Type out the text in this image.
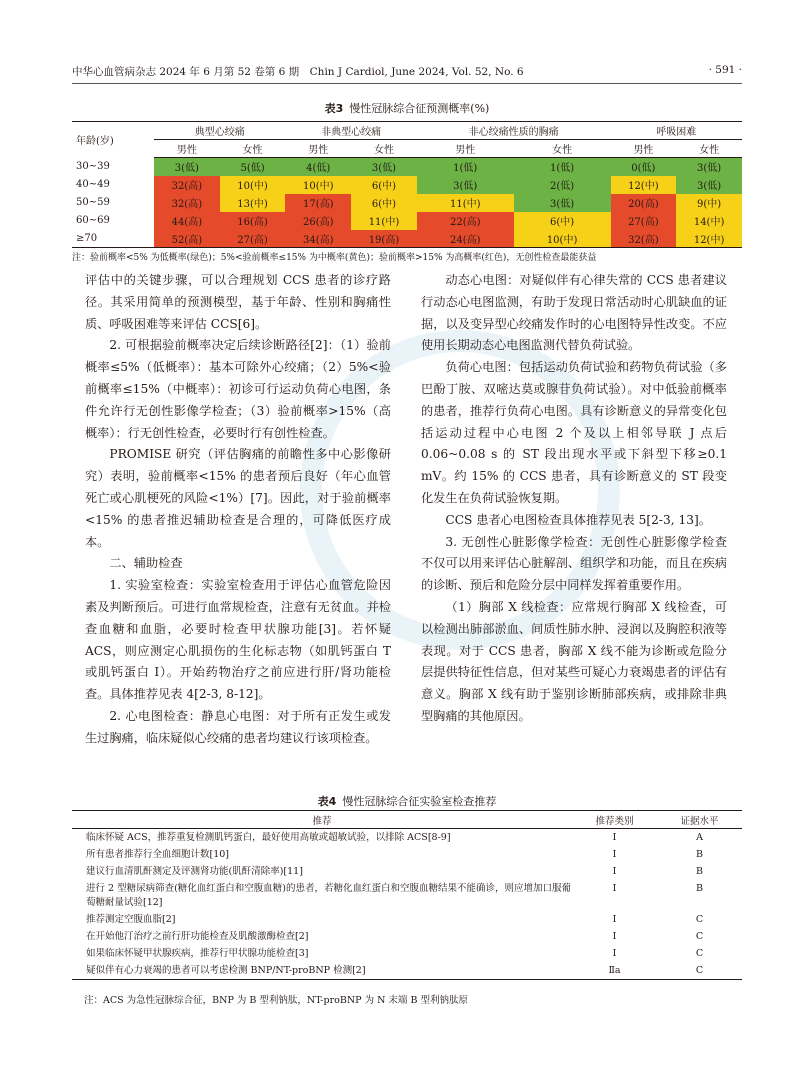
中华心血管病杂志 2024 年 6 月第 52 卷第 6 期　Chin J Cardiol, June 2024, Vol. 52, No. 6	· 591 ·
表3 慢性冠脉综合征预测概率(%)
年龄(岁)	典型心绞痛		非典型心绞痛		非心绞痛性质的胸痛		呼吸困难	
	男性	女性	男性	女性	男性	女性	男性	女性
30~39	3(低)	5(低)	4(低)	3(低)	1(低)	1(低)	0(低)	3(低)
40~49	32(高)	10(中)	10(中)	6(中)	3(低)	2(低)	12(中)	3(低)
50~59	32(高)	13(中)	17(高)	6(中)	11(中)	3(低)	20(高)	9(中)
60~69	44(高)	16(高)	26(高)	11(中)	22(高)	6(中)	27(高)	14(中)
≥70	52(高)	27(高)	34(高)	19(高)	24(高)	10(中)	32(高)	12(中)
注：验前概率<5% 为低概率(绿色)；5%<验前概率≤15% 为中概率(黄色)；验前概率>15% 为高概率(红色)，无创性检查最能获益

评估中的关键步骤，可以合理规划 CCS 患者的诊疗路径。其采用简单的预测模型，基于年龄、性别和胸痛性质、呼吸困难等来评估 CCS[6]。

2. 可根据验前概率决定后续诊断路径[2]：（1）验前概率≤5%（低概率）：基本可除外心绞痛；（2）5%<验前概率≤15%（中概率）：初诊可行运动负荷心电图，条件允许行无创性影像学检查；（3）验前概率>15%（高概率）：行无创性检查，必要时行有创性检查。

PROMISE 研究（评估胸痛的前瞻性多中心影像研究）表明，验前概率<15% 的患者预后良好（年心血管死亡或心肌梗死的风险<1%）[7]。因此，对于验前概率<15% 的患者推迟辅助检查是合理的，可降低医疗成本。

二、辅助检查

1. 实验室检查：实验室检查用于评估心血管危险因素及判断预后。可进行血常规检查，注意有无贫血。并检查血糖和血脂，必要时检查甲状腺功能[3]。若怀疑 ACS，则应测定心肌损伤的生化标志物（如肌钙蛋白 T 或肌钙蛋白 I）。开始药物治疗之前应进行肝/肾功能检查。具体推荐见表 4[2-3, 8-12]。

2. 心电图检查：静息心电图：对于所有正发生或发生过胸痛，临床疑似心绞痛的患者均建议行该项检查。

动态心电图：对疑似伴有心律失常的 CCS 患者建议行动态心电图监测，有助于发现日常活动时心肌缺血的证据，以及变异型心绞痛发作时的心电图特异性改变。不应使用长期动态心电图监测代替负荷试验。

负荷心电图：包括运动负荷试验和药物负荷试验（多巴酚丁胺、双嘧达莫或腺苷负荷试验）。对中低验前概率的患者，推荐行负荷心电图。具有诊断意义的异常变化包括运动过程中心电图 2 个及以上相邻导联 J 点后 0.06~0.08 s 的 ST 段出现水平或下斜型下移≥0.1 mV。约 15% 的 CCS 患者，具有诊断意义的 ST 段变化发生在负荷试验恢复期。

CCS 患者心电图检查具体推荐见表 5[2-3, 13]。

3. 无创性心脏影像学检查：无创性心脏影像学检查不仅可以用来评估心脏解剖、组织学和功能，而且在疾病的诊断、预后和危险分层中同样发挥着重要作用。

（1）胸部 X 线检查：应常规行胸部 X 线检查，可以检测出肺部淤血、间质性肺水肿、浸润以及胸腔积液等表现。对于 CCS 患者，胸部 X 线不能为诊断或危险分层提供特征性信息，但对某些可疑心力衰竭患者的评估有意义。胸部 X 线有助于鉴别诊断肺部疾病，或排除非典型胸痛的其他原因。

表4 慢性冠脉综合征实验室检查推荐
推荐	推荐类别	证据水平
临床怀疑 ACS，推荐重复检测肌钙蛋白，最好使用高敏或超敏试验，以排除 ACS[8-9]	Ⅰ	A
所有患者推荐行全血细胞计数[10]	Ⅰ	B
建议行血清肌酐测定及评测肾功能(肌酐清除率)[11]	Ⅰ	B
进行 2 型糖尿病筛查(糖化血红蛋白和空腹血糖)的患者，若糖化血红蛋白和空腹血糖结果不能确诊，则应增加口服葡萄糖耐量试验[12]	Ⅰ	B
推荐测定空腹血脂[2]	Ⅰ	C
在开始他汀治疗之前行肝功能检查及肌酸激酶检查[2]	Ⅰ	C
如果临床怀疑甲状腺疾病，推荐行甲状腺功能检查[3]	Ⅰ	C
疑似伴有心力衰竭的患者可以考虑检测 BNP/NT-proBNP 检测[2]	Ⅱa	C
注：ACS 为急性冠脉综合征，BNP 为 B 型利钠肽，NT-proBNP 为 N 末端 B 型利钠肽原
